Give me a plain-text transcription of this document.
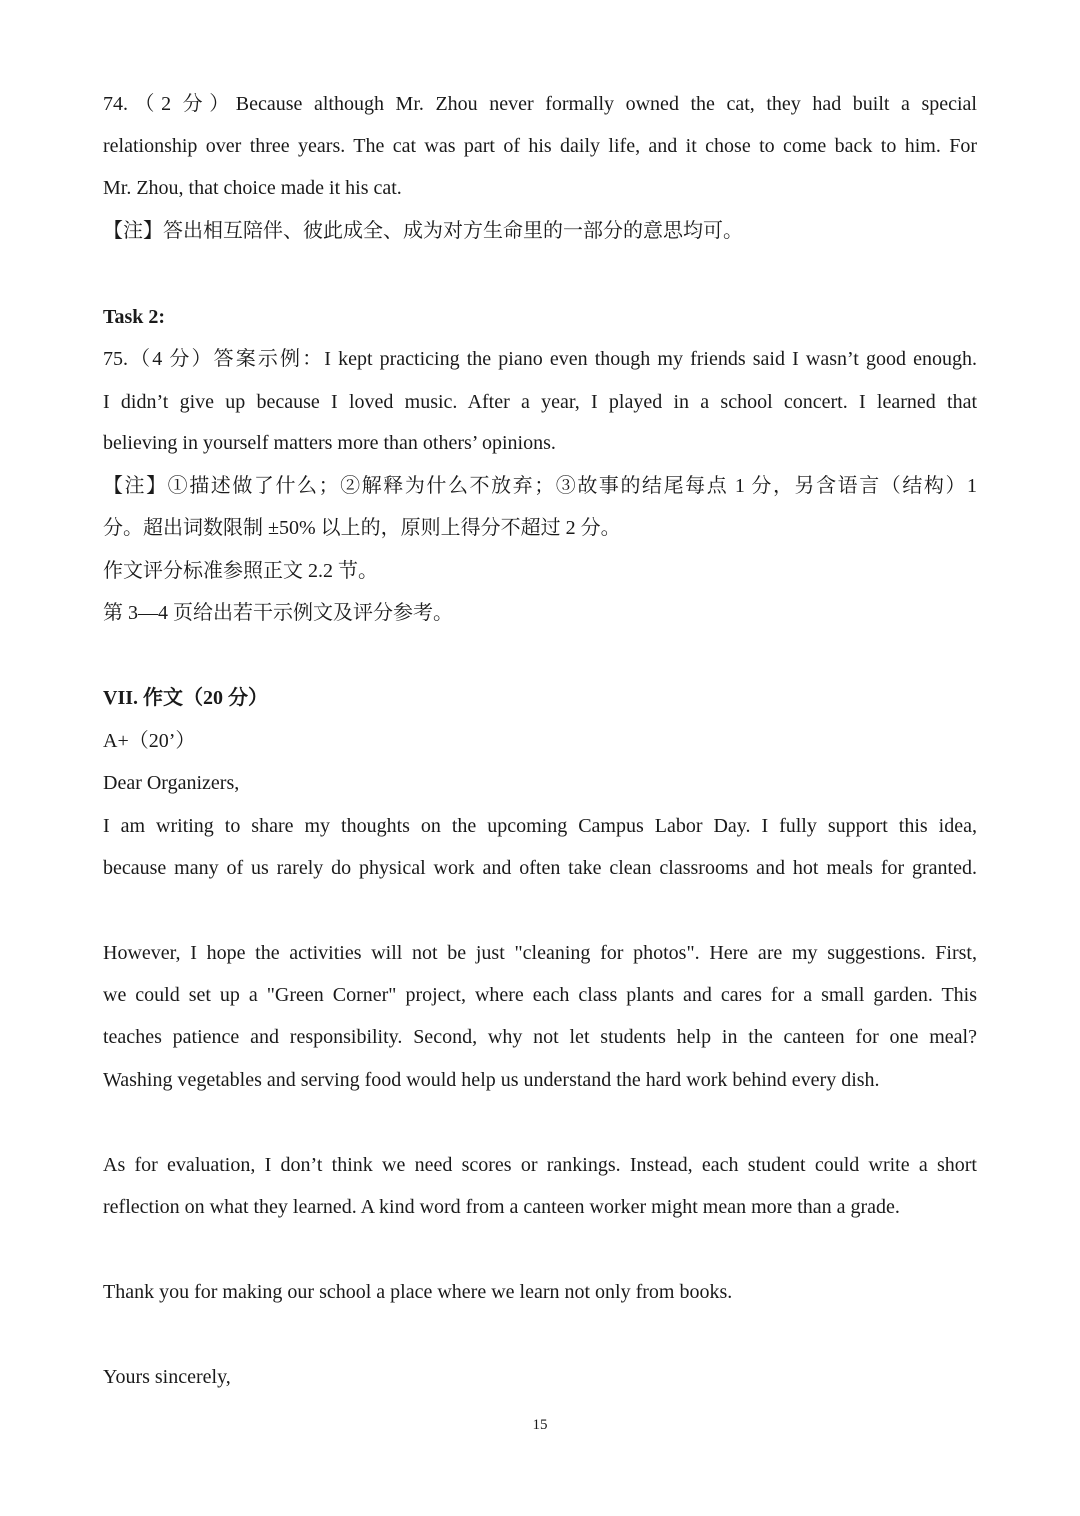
74.（2 分）Because although Mr. Zhou never formally owned the cat, they had built a special
relationship over three years. The cat was part of his daily life, and it chose to come back to him. For
Mr. Zhou, that choice made it his cat.
【注】答出相互陪伴、彼此成全、成为对方生命里的一部分的意思均可。
Task 2:
75.（4 分）答案示例：I kept practicing the piano even though my friends said I wasn’t good enough.
I didn’t give up because I loved music. After a year, I played in a school concert. I learned that
believing in yourself matters more than others’ opinions.
【注】①描述做了什么；②解释为什么不放弃；③故事的结尾每点 1 分，另含语言（结构）1
分。超出词数限制 ±50% 以上的，原则上得分不超过 2 分。
作文评分标准参照正文 2.2 节。
第 3—4 页给出若干示例文及评分参考。
VII. 作文（20 分）
A+（20’）
Dear Organizers,
I am writing to share my thoughts on the upcoming Campus Labor Day. I fully support this idea,
because many of us rarely do physical work and often take clean classrooms and hot meals for granted.
However, I hope the activities will not be just "cleaning for photos". Here are my suggestions. First,
we could set up a "Green Corner" project, where each class plants and cares for a small garden. This
teaches patience and responsibility. Second, why not let students help in the canteen for one meal?
Washing vegetables and serving food would help us understand the hard work behind every dish.
As for evaluation, I don’t think we need scores or rankings. Instead, each student could write a short
reflection on what they learned. A kind word from a canteen worker might mean more than a grade.
Thank you for making our school a place where we learn not only from books.
Yours sincerely,
15
